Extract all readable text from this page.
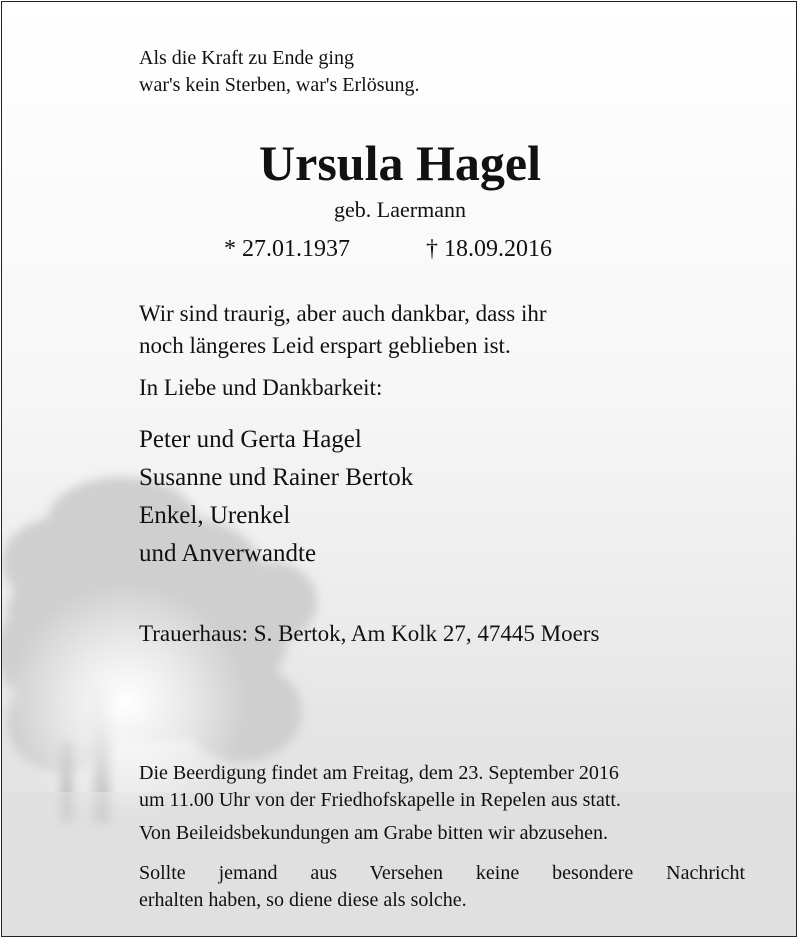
Als die Kraft zu Ende ging
war's kein Sterben, war's Erlösung.
Ursula Hagel
geb. Laermann
* 27.01.1937	† 18.09.2016
Wir sind traurig, aber auch dankbar, dass ihr
noch längeres Leid erspart geblieben ist.
In Liebe und Dankbarkeit:
Peter und Gerta Hagel
Susanne und Rainer Bertok
Enkel, Urenkel
und Anverwandte
Trauerhaus: S. Bertok, Am Kolk 27, 47445 Moers
Die Beerdigung findet am Freitag, dem 23. September 2016
um 11.00 Uhr von der Friedhofskapelle in Repelen aus statt.
Von Beileidsbekundungen am Grabe bitten wir abzusehen.
Sollte jemand aus Versehen keine besondere Nachricht
erhalten haben, so diene diese als solche.
